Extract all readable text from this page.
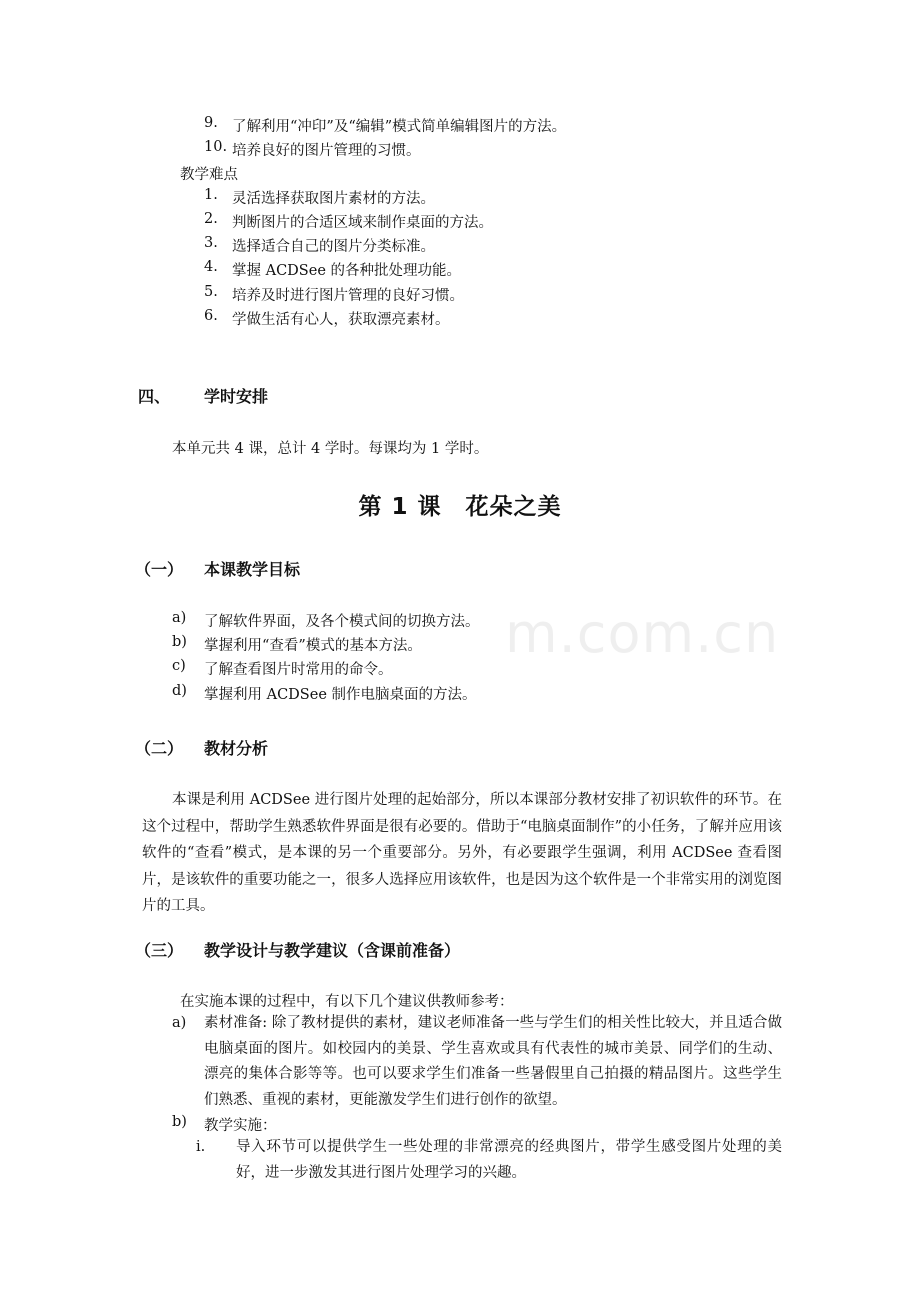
m.com.cn
9. 了解利用“冲印”及“编辑”模式简单编辑图片的方法。
10. 培养良好的图片管理的习惯。
教学难点
1. 灵活选择获取图片素材的方法。
2. 判断图片的合适区域来制作桌面的方法。
3. 选择适合自己的图片分类标准。
4. 掌握 ACDSee 的各种批处理功能。
5. 培养及时进行图片管理的良好习惯。
6. 学做生活有心人，获取漂亮素材。
四、 学时安排
本单元共 4 课，总计 4 学时。每课均为 1 学时。
第 1 课　花朵之美
（一） 本课教学目标
a) 了解软件界面，及各个模式间的切换方法。
b) 掌握利用“查看”模式的基本方法。
c) 了解查看图片时常用的命令。
d) 掌握利用 ACDSee 制作电脑桌面的方法。
（二） 教材分析
本课是利用 ACDSee 进行图片处理的起始部分，所以本课部分教材安排了初识软件的环节。在这个过程中，帮助学生熟悉软件界面是很有必要的。借助于“电脑桌面制作”的小任务，了解并应用该软件的“查看”模式，是本课的另一个重要部分。另外，有必要跟学生强调，利用 ACDSee 查看图片，是该软件的重要功能之一，很多人选择应用该软件，也是因为这个软件是一个非常实用的浏览图片的工具。
（三） 教学设计与教学建议（含课前准备）
在实施本课的过程中，有以下几个建议供教师参考：
a) 素材准备: 除了教材提供的素材，建议老师准备一些与学生们的相关性比较大，并且适合做电脑桌面的图片。如校园内的美景、学生喜欢或具有代表性的城市美景、同学们的生动、漂亮的集体合影等等。也可以要求学生们准备一些暑假里自己拍摄的精品图片。这些学生们熟悉、重视的素材，更能激发学生们进行创作的欲望。
b) 教学实施：
i. 导入环节可以提供学生一些处理的非常漂亮的经典图片，带学生感受图片处理的美好，进一步激发其进行图片处理学习的兴趣。
